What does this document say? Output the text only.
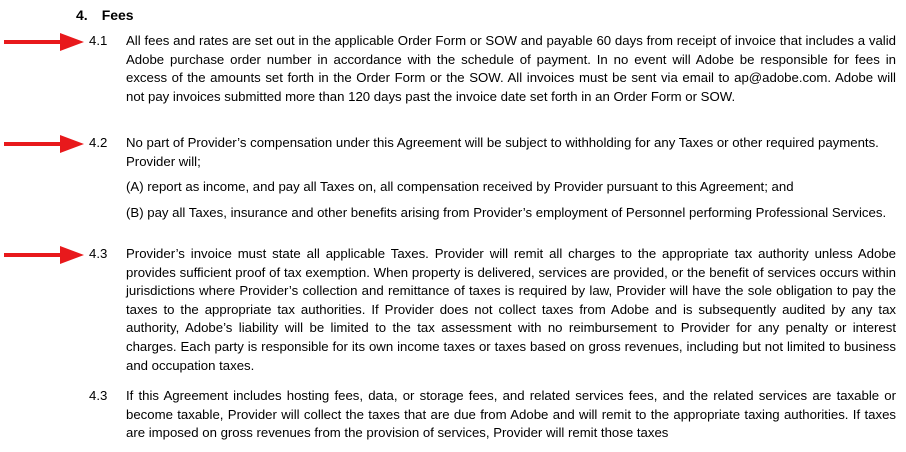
4. Fees
4.1 All fees and rates are set out in the applicable Order Form or SOW and payable 60 days from receipt of invoice that includes a valid Adobe purchase order number in accordance with the schedule of payment. In no event will Adobe be responsible for fees in excess of the amounts set forth in the Order Form or the SOW. All invoices must be sent via email to ap@adobe.com. Adobe will not pay invoices submitted more than 120 days past the invoice date set forth in an Order Form or SOW.

4.2 No part of Provider’s compensation under this Agreement will be subject to withholding for any Taxes or other required payments. Provider will;

(A) report as income, and pay all Taxes on, all compensation received by Provider pursuant to this Agreement; and

(B) pay all Taxes, insurance and other benefits arising from Provider’s employment of Personnel performing Professional Services.

4.3 Provider’s invoice must state all applicable Taxes. Provider will remit all charges to the appropriate tax authority unless Adobe provides sufficient proof of tax exemption. When property is delivered, services are provided, or the benefit of services occurs within jurisdictions where Provider’s collection and remittance of taxes is required by law, Provider will have the sole obligation to pay the taxes to the appropriate tax authorities. If Provider does not collect taxes from Adobe and is subsequently audited by any tax authority, Adobe’s liability will be limited to the tax assessment with no reimbursement to Provider for any penalty or interest charges. Each party is responsible for its own income taxes or taxes based on gross revenues, including but not limited to business and occupation taxes.

4.3 If this Agreement includes hosting fees, data, or storage fees, and related services fees, and the related services are taxable or become taxable, Provider will collect the taxes that are due from Adobe and will remit to the appropriate taxing authorities. If taxes are imposed on gross revenues from the provision of services, Provider will remit those taxes
